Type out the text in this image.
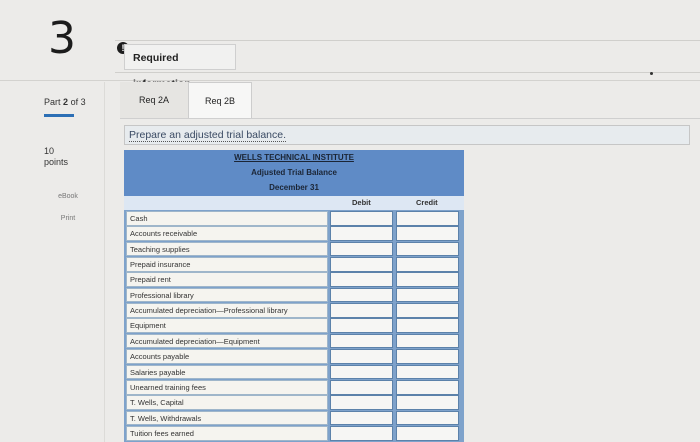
3	!
Required
Part 2 of 3
10
points
eBook
Print
Req 2A	Req 2B
Prepare an adjusted trial balance.
WELLS TECHNICAL INSTITUTE
Adjusted Trial Balance
December 31
Debit	Credit
Cash
Accounts receivable
Teaching supplies
Prepaid insurance
Prepaid rent
Professional library
Accumulated depreciation—Professional library
Equipment
Accumulated depreciation—Equipment
Accounts payable
Salaries payable
Unearned training fees
T. Wells, Capital
T. Wells, Withdrawals
Tuition fees earned
